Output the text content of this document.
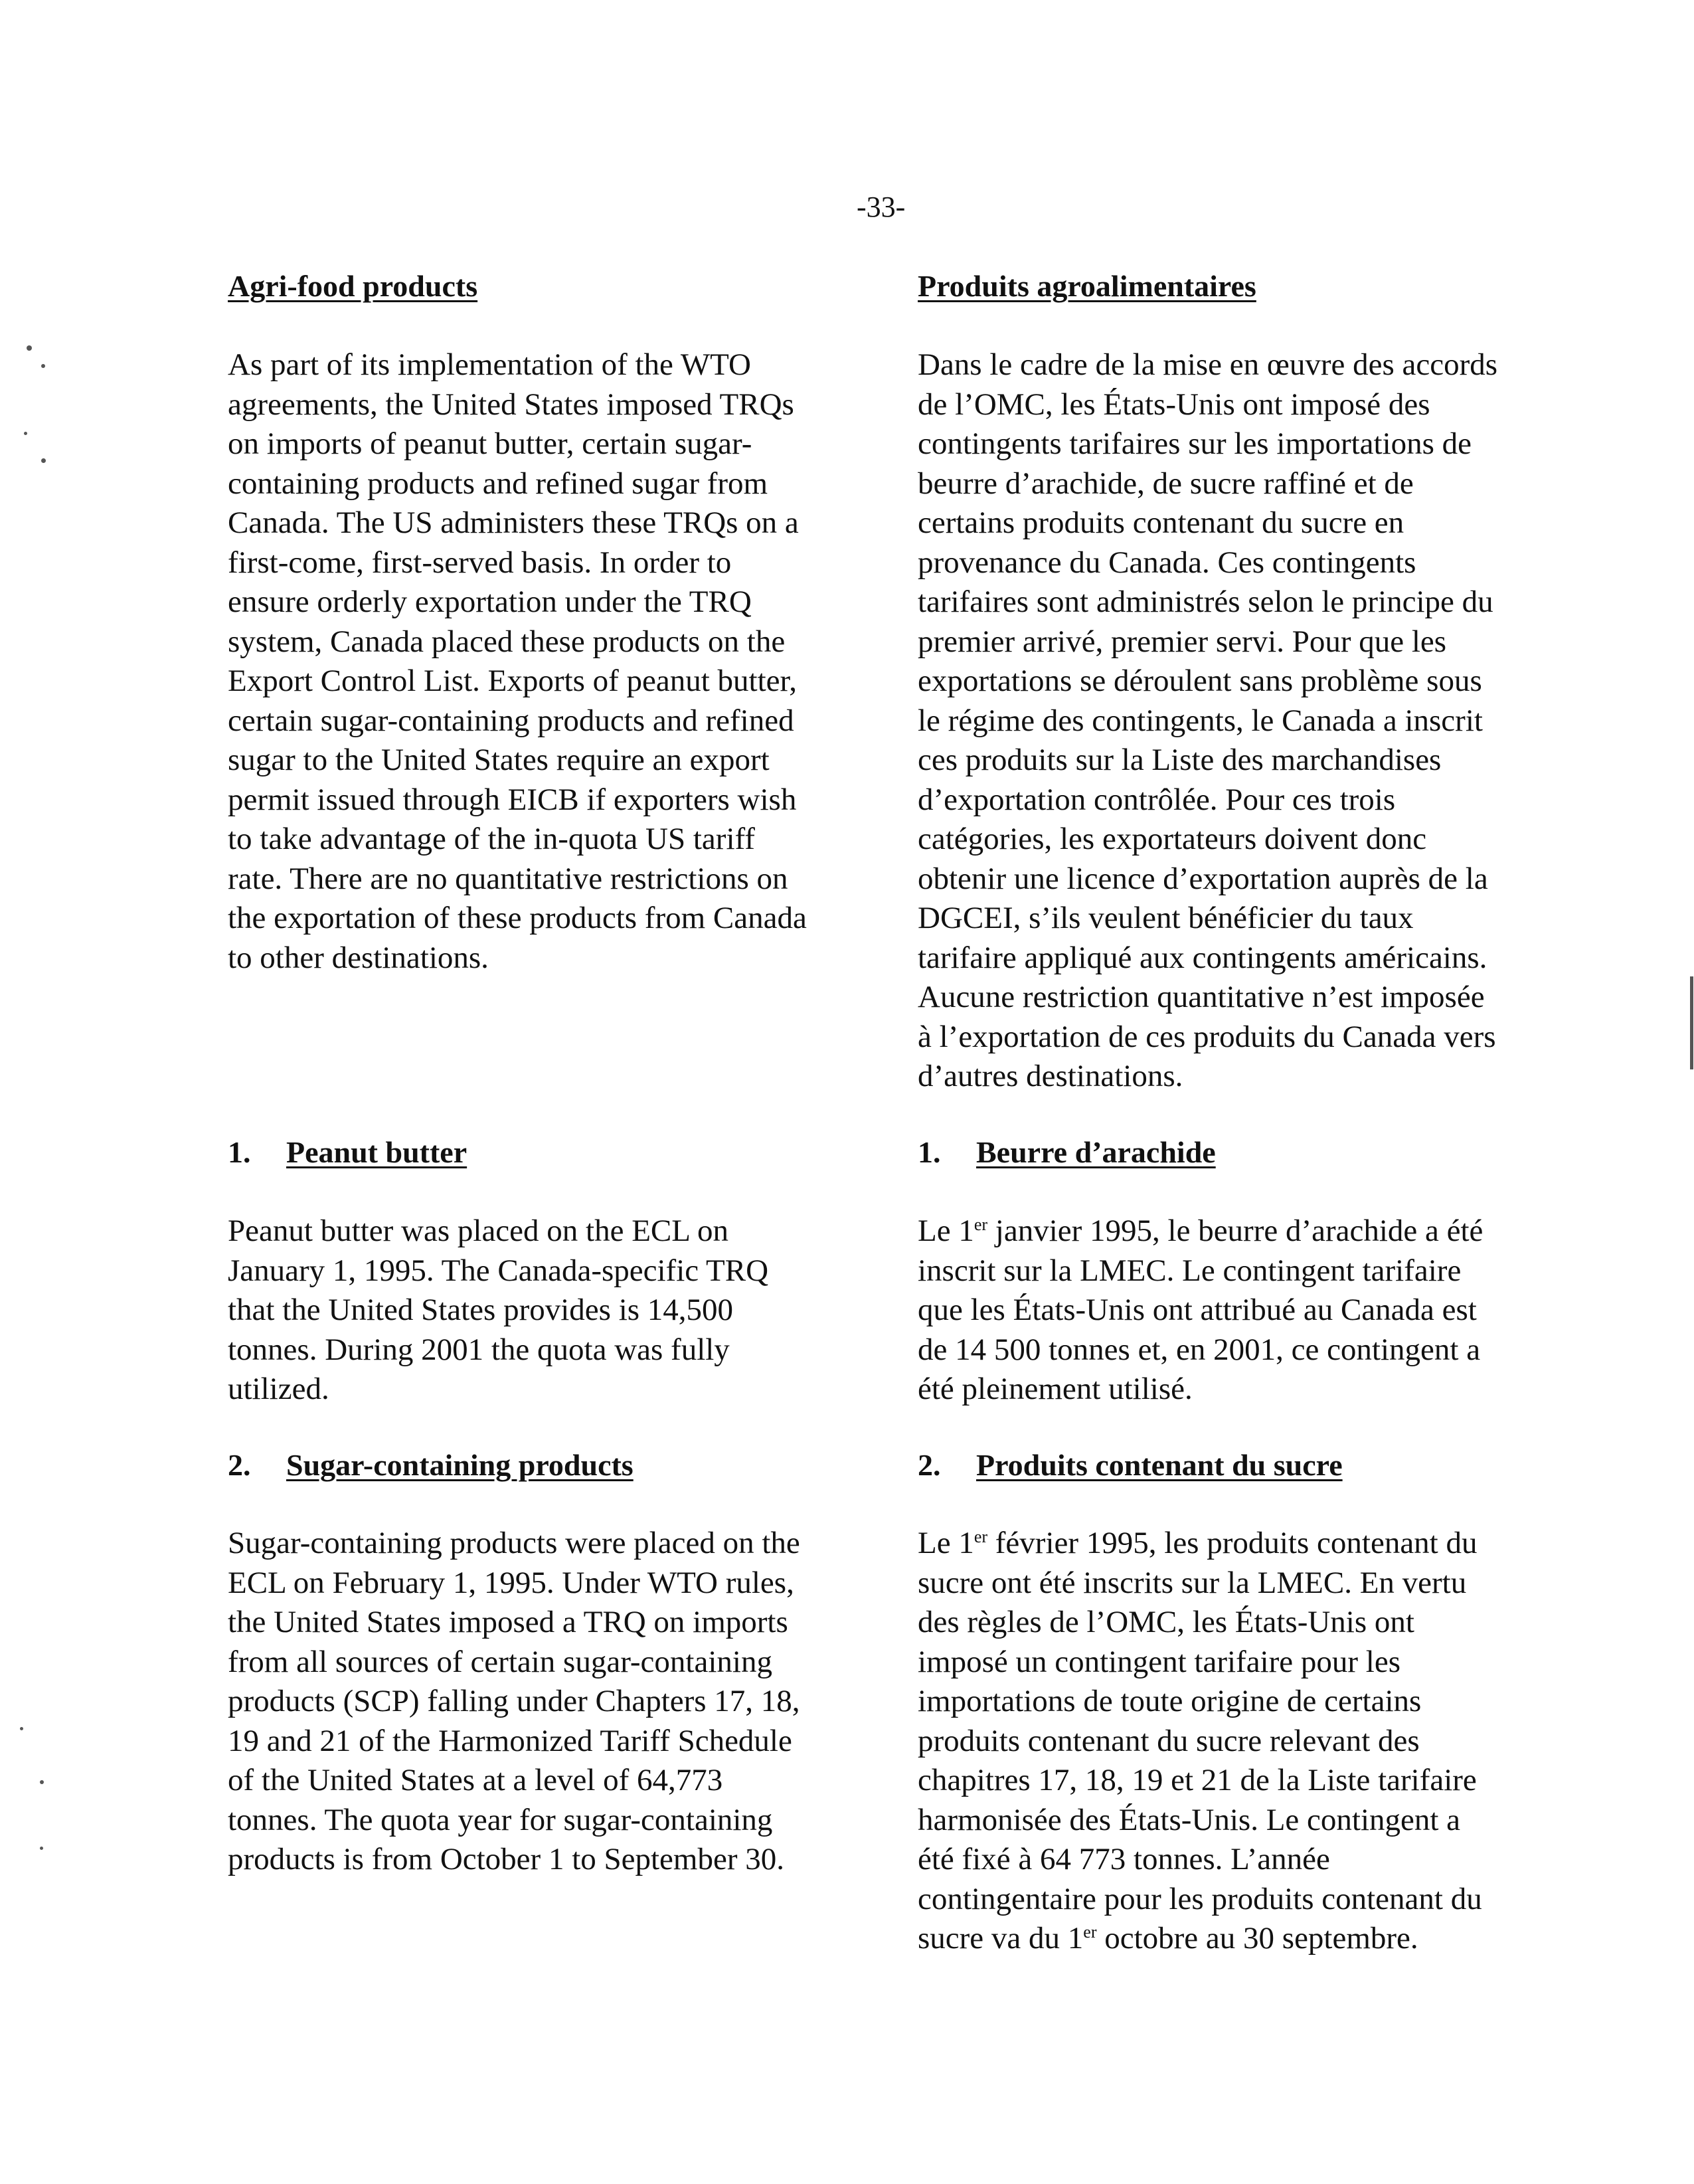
-33-

Agri-food products

As part of its implementation of the WTO
agreements, the United States imposed TRQs
on imports of peanut butter, certain sugar-
containing products and refined sugar from
Canada. The US administers these TRQs on a
first-come, first-served basis. In order to
ensure orderly exportation under the TRQ
system, Canada placed these products on the
Export Control List. Exports of peanut butter,
certain sugar-containing products and refined
sugar to the United States require an export
permit issued through EICB if exporters wish
to take advantage of the in-quota US tariff
rate. There are no quantitative restrictions on
the exportation of these products from Canada
to other destinations.

1. Peanut butter

Peanut butter was placed on the ECL on
January 1, 1995. The Canada-specific TRQ
that the United States provides is 14,500
tonnes. During 2001 the quota was fully
utilized.

2. Sugar-containing products

Sugar-containing products were placed on the
ECL on February 1, 1995. Under WTO rules,
the United States imposed a TRQ on imports
from all sources of certain sugar-containing
products (SCP) falling under Chapters 17, 18,
19 and 21 of the Harmonized Tariff Schedule
of the United States at a level of 64,773
tonnes. The quota year for sugar-containing
products is from October 1 to September 30.

Produits agroalimentaires

Dans le cadre de la mise en œuvre des accords
de l’OMC, les États-Unis ont imposé des
contingents tarifaires sur les importations de
beurre d’arachide, de sucre raffiné et de
certains produits contenant du sucre en
provenance du Canada. Ces contingents
tarifaires sont administrés selon le principe du
premier arrivé, premier servi. Pour que les
exportations se déroulent sans problème sous
le régime des contingents, le Canada a inscrit
ces produits sur la Liste des marchandises
d’exportation contrôlée. Pour ces trois
catégories, les exportateurs doivent donc
obtenir une licence d’exportation auprès de la
DGCEI, s’ils veulent bénéficier du taux
tarifaire appliqué aux contingents américains.
Aucune restriction quantitative n’est imposée
à l’exportation de ces produits du Canada vers
d’autres destinations.

1. Beurre d’arachide

Le 1er janvier 1995, le beurre d’arachide a été
inscrit sur la LMEC. Le contingent tarifaire
que les États-Unis ont attribué au Canada est
de 14 500 tonnes et, en 2001, ce contingent a
été pleinement utilisé.

2. Produits contenant du sucre

Le 1er février 1995, les produits contenant du
sucre ont été inscrits sur la LMEC. En vertu
des règles de l’OMC, les États-Unis ont
imposé un contingent tarifaire pour les
importations de toute origine de certains
produits contenant du sucre relevant des
chapitres 17, 18, 19 et 21 de la Liste tarifaire
harmonisée des États-Unis. Le contingent a
été fixé à 64 773 tonnes. L’année
contingentaire pour les produits contenant du
sucre va du 1er octobre au 30 septembre.
